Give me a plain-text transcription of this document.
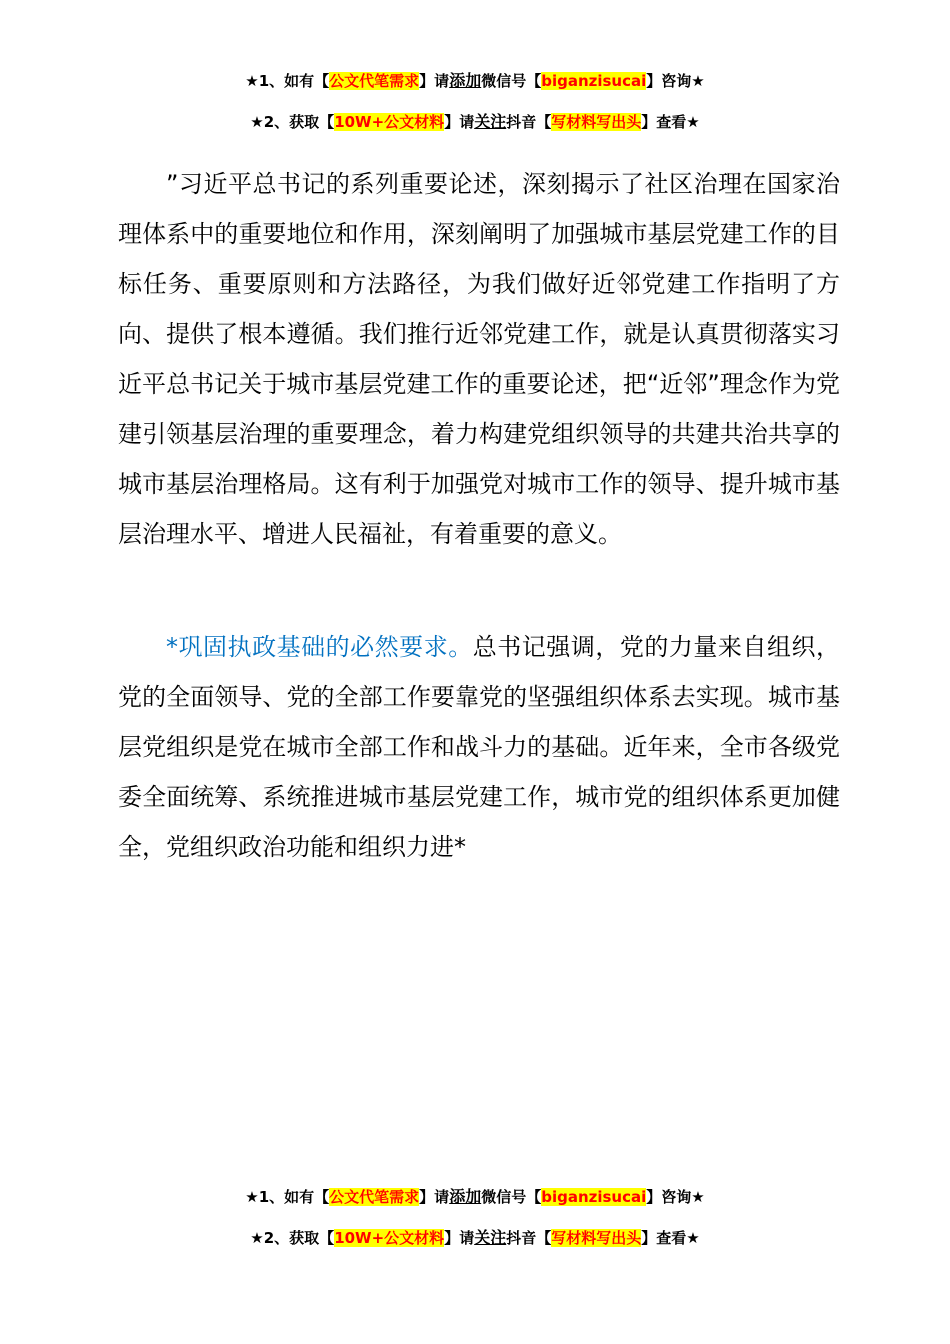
★1、如有【公文代笔需求】请添加微信号【biganzisucai】咨询★
★2、获取【10W+公文材料】请关注抖音【写材料写出头】查看★

”习近平总书记的系列重要论述，深刻揭示了社区治理在国家治理体系中的重要地位和作用，深刻阐明了加强城市基层党建工作的目标任务、重要原则和方法路径，为我们做好近邻党建工作指明了方向、提供了根本遵循。我们推行近邻党建工作，就是认真贯彻落实习近平总书记关于城市基层党建工作的重要论述，把“近邻”理念作为党建引领基层治理的重要理念，着力构建党组织领导的共建共治共享的城市基层治理格局。这有利于加强党对城市工作的领导、提升城市基层治理水平、增进人民福祉，有着重要的意义。

*巩固执政基础的必然要求。总书记强调，党的力量来自组织，党的全面领导、党的全部工作要靠党的坚强组织体系去实现。城市基层党组织是党在城市全部工作和战斗力的基础。近年来，全市各级党委全面统筹、系统推进城市基层党建工作，城市党的组织体系更加健全，党组织政治功能和组织力进*

★1、如有【公文代笔需求】请添加微信号【biganzisucai】咨询★
★2、获取【10W+公文材料】请关注抖音【写材料写出头】查看★
